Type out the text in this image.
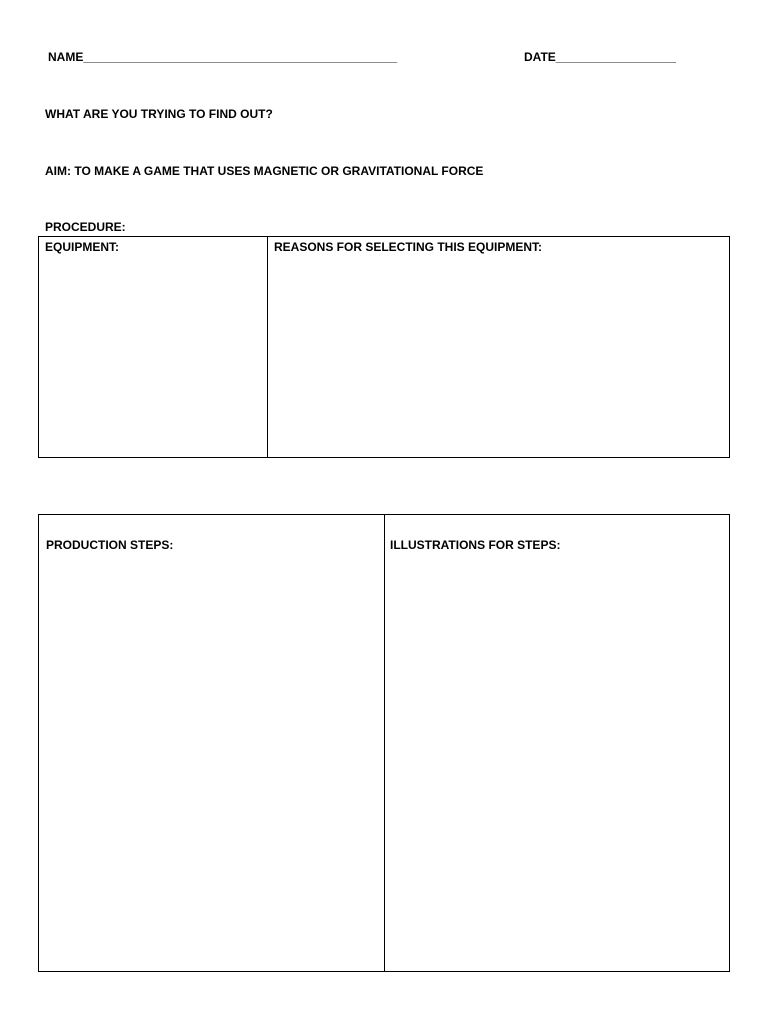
NAME_______________________________________________	DATE__________________
WHAT ARE YOU TRYING TO FIND OUT?
AIM: TO MAKE A GAME THAT USES MAGNETIC OR GRAVITATIONAL FORCE
PROCEDURE:
EQUIPMENT:	REASONS FOR SELECTING THIS EQUIPMENT:
PRODUCTION STEPS:	ILLUSTRATIONS FOR STEPS:
